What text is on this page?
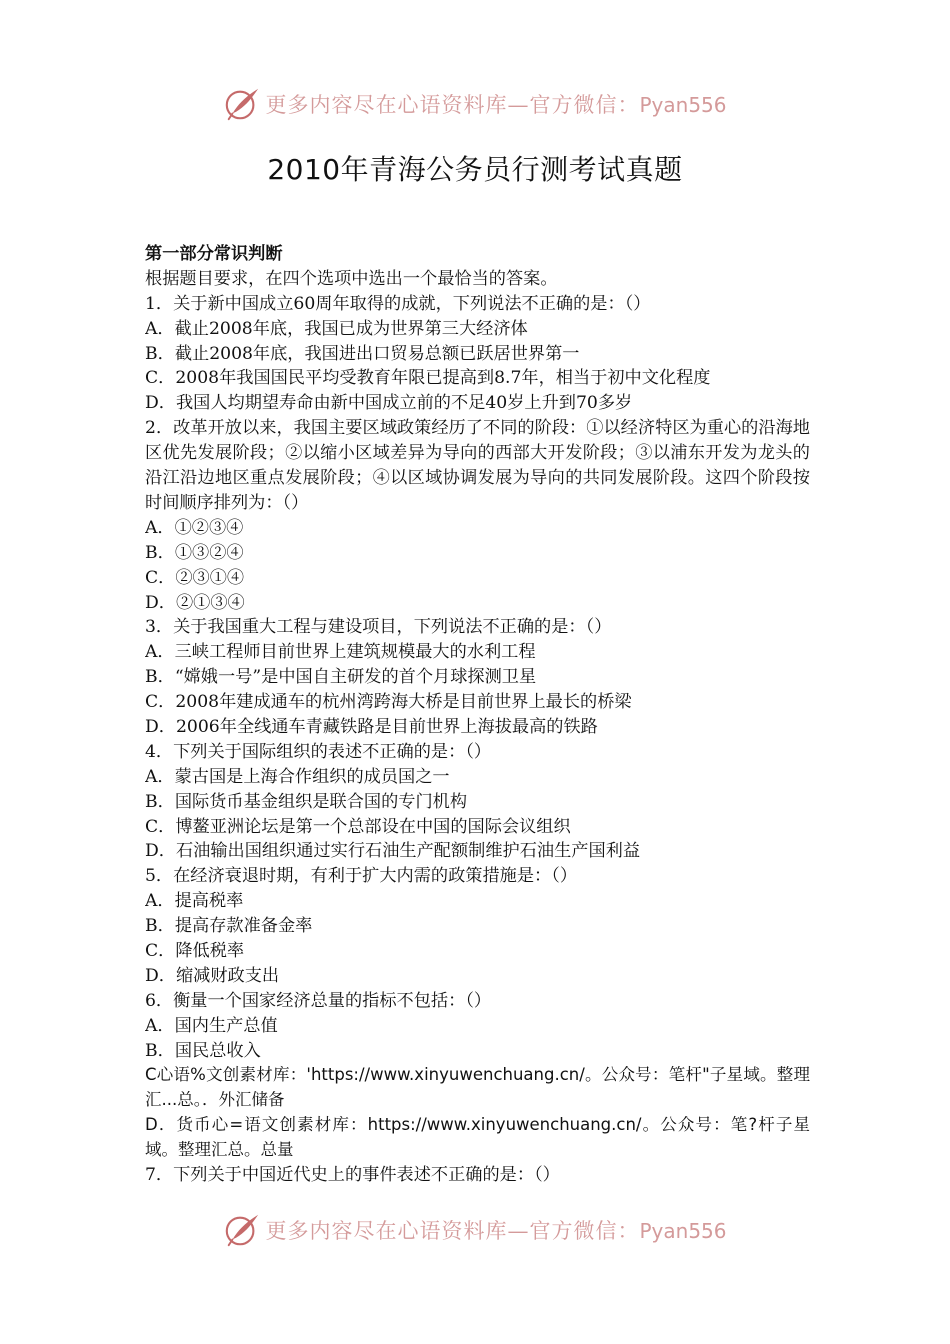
更多内容尽在心语资料库—官方微信：Pyan556
2010年青海公务员行测考试真题
第一部分常识判断
根据题目要求，在四个选项中选出一个最恰当的答案。
1．关于新中国成立60周年取得的成就，下列说法不正确的是：（）
A．截止2008年底，我国已成为世界第三大经济体
B．截止2008年底，我国进出口贸易总额已跃居世界第一
C．2008年我国国民平均受教育年限已提高到8.7年，相当于初中文化程度
D．我国人均期望寿命由新中国成立前的不足40岁上升到70多岁
2．改革开放以来，我国主要区域政策经历了不同的阶段：①以经济特区为重心的沿海地区优先发展阶段；②以缩小区域差异为导向的西部大开发阶段；③以浦东开发为龙头的沿江沿边地区重点发展阶段；④以区域协调发展为导向的共同发展阶段。这四个阶段按时间顺序排列为：（）
A．①②③④
B．①③②④
C．②③①④
D．②①③④
3．关于我国重大工程与建设项目，下列说法不正确的是：（）
A．三峡工程师目前世界上建筑规模最大的水利工程
B．“嫦娥一号”是中国自主研发的首个月球探测卫星
C．2008年建成通车的杭州湾跨海大桥是目前世界上最长的桥梁
D．2006年全线通车青藏铁路是目前世界上海拔最高的铁路
4．下列关于国际组织的表述不正确的是：（）
A．蒙古国是上海合作组织的成员国之一
B．国际货币基金组织是联合国的专门机构
C．博鳌亚洲论坛是第一个总部设在中国的国际会议组织
D．石油输出国组织通过实行石油生产配额制维护石油生产国利益
5．在经济衰退时期，有利于扩大内需的政策措施是：（）
A．提高税率
B．提高存款准备金率
C．降低税率
D．缩减财政支出
6．衡量一个国家经济总量的指标不包括：（）
A．国内生产总值
B．国民总收入
C心语%文创素材库：'https://www.xinyuwenchuang.cn/。公众号：笔杆"子星域。整理汇...总。．外汇储备
D．货币心=语文创素材库：https://www.xinyuwenchuang.cn/。公众号：笔?杆子星域。整理汇总。总量
7．下列关于中国近代史上的事件表述不正确的是：（）
更多内容尽在心语资料库—官方微信：Pyan556
